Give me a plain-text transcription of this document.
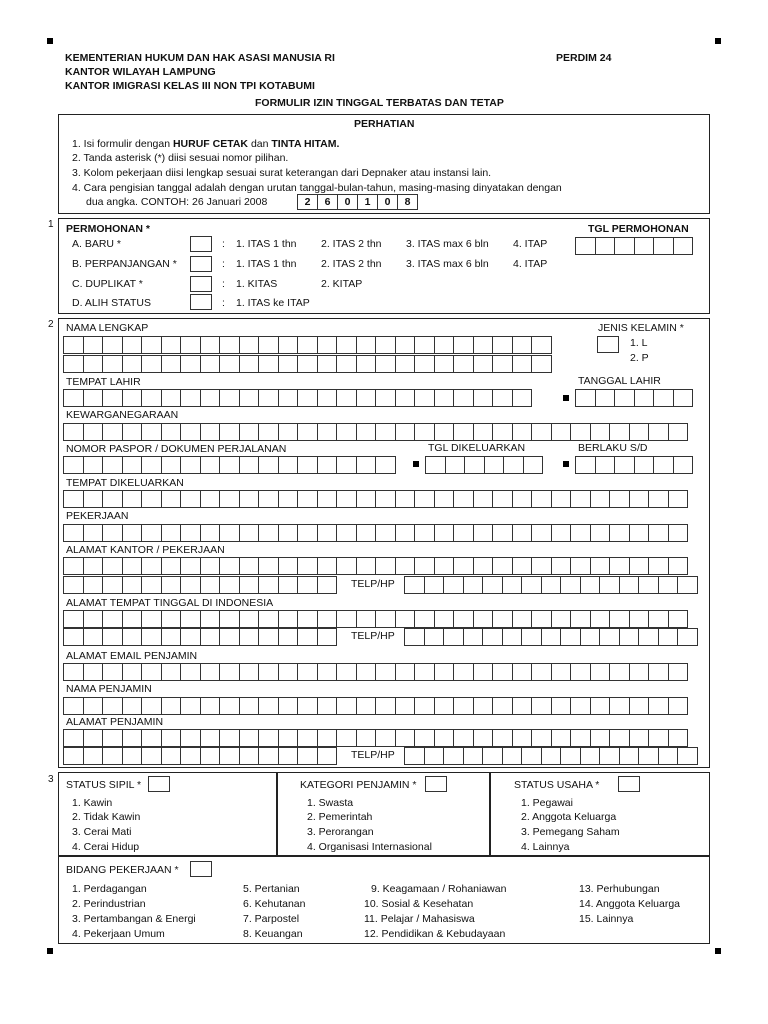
KEMENTERIAN HUKUM DAN HAK ASASI MANUSIA RI
KANTOR WILAYAH LAMPUNG
KANTOR IMIGRASI KELAS III NON TPI KOTABUMI
PERDIM 24
FORMULIR IZIN TINGGAL TERBATAS DAN TETAP
PERHATIAN
1. Isi formulir dengan HURUF CETAK dan TINTA HITAM.
2. Tanda asterisk (*) diisi sesuai nomor pilihan.
3. Kolom pekerjaan diisi lengkap sesuai surat keterangan dari Depnaker atau instansi lain.
4. Cara pengisian tanggal adalah dengan urutan tanggal-bulan-tahun, masing-masing dinyatakan dengan
dua angka. CONTOH: 26 Januari 2008	2	6	0	1	0	8
1 PERMOHONAN *	TGL PERMOHONAN
A. BARU *	: 1. ITAS 1 thn 2. ITAS 2 thn 3. ITAS max 6 bln 4. ITAP
B. PERPANJANGAN *	: 1. ITAS 1 thn 2. ITAS 2 thn 3. ITAS max 6 bln 4. ITAP
C. DUPLIKAT *	: 1. KITAS	2. KITAP
D. ALIH STATUS	: 1. ITAS ke ITAP
2 NAMA LENGKAP	JENIS KELAMIN *
1. L
2. P
TEMPAT LAHIR	TANGGAL LAHIR
KEWARGANEGARAAN
NOMOR PASPOR / DOKUMEN PERJALANAN	TGL DIKELUARKAN	BERLAKU S/D
TEMPAT DIKELUARKAN
PEKERJAAN
ALAMAT KANTOR / PEKERJAAN
TELP/HP
ALAMAT TEMPAT TINGGAL DI INDONESIA
TELP/HP
ALAMAT EMAIL PENJAMIN
NAMA PENJAMIN
ALAMAT PENJAMIN
TELP/HP
3 STATUS SIPIL *
1. Kawin
2. Tidak Kawin
3. Cerai Mati
4. Cerai Hidup
KATEGORI PENJAMIN *
1. Swasta
2. Pemerintah
3. Perorangan
4. Organisasi Internasional
STATUS USAHA *
1. Pegawai
2. Anggota Keluarga
3. Pemegang Saham
4. Lainnya
BIDANG PEKERJAAN *
1. Perdagangan
2. Perindustrian
3. Pertambangan & Energi
4. Pekerjaan Umum
5. Pertanian
6. Kehutanan
7. Parpostel
8. Keuangan
9. Keagamaan / Rohaniawan
10. Sosial & Kesehatan
11. Pelajar / Mahasiswa
12. Pendidikan & Kebudayaan
13. Perhubungan
14. Anggota Keluarga
15. Lainnya
